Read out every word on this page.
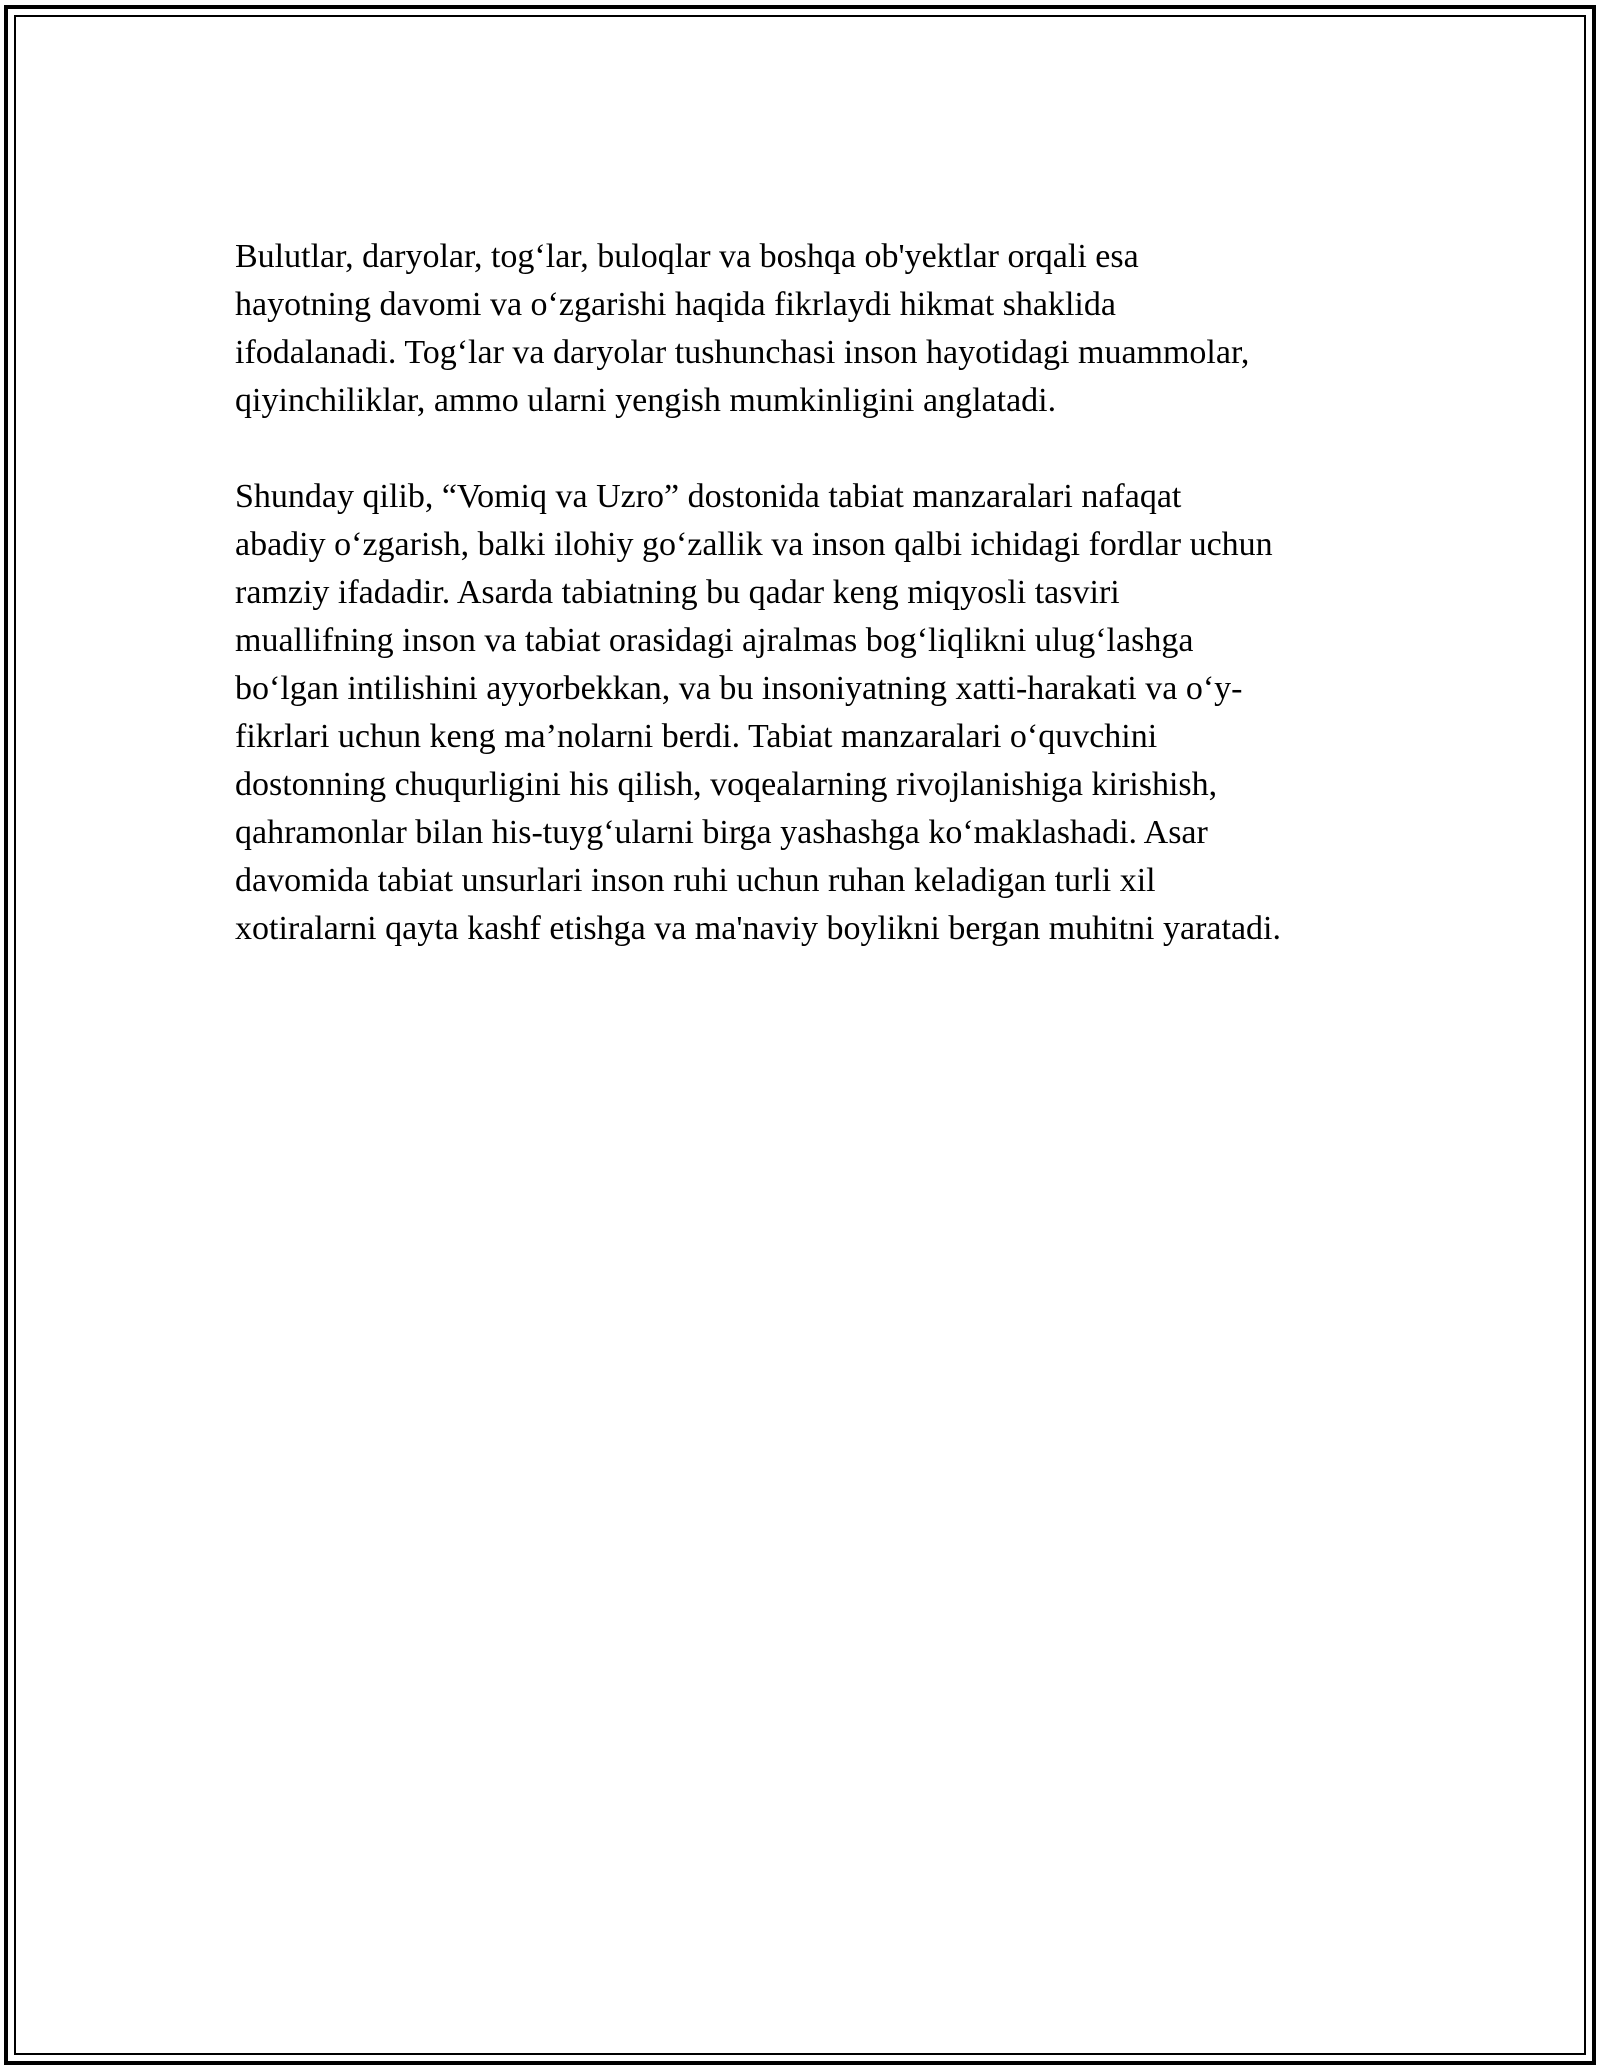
Bulutlar, daryolar, tog‘lar, buloqlar va boshqa ob'yektlar orqali esa
hayotning davomi va o‘zgarishi haqida fikrlaydi hikmat shaklida
ifodalanadi. Tog‘lar va daryolar tushunchasi inson hayotidagi muammolar,
qiyinchiliklar, ammo ularni yengish mumkinligini anglatadi.

Shunday qilib, “Vomiq va Uzro” dostonida tabiat manzaralari nafaqat
abadiy o‘zgarish, balki ilohiy go‘zallik va inson qalbi ichidagi fordlar uchun
ramziy ifadadir. Asarda tabiatning bu qadar keng miqyosli tasviri
muallifning inson va tabiat orasidagi ajralmas bog‘liqlikni ulug‘lashga
bo‘lgan intilishini ayyorbekkan, va bu insoniyatning xatti-harakati va o‘y-
fikrlari uchun keng ma’nolarni berdi. Tabiat manzaralari o‘quvchini
dostonning chuqurligini his qilish, voqealarning rivojlanishiga kirishish,
qahramonlar bilan his-tuyg‘ularni birga yashashga ko‘maklashadi. Asar
davomida tabiat unsurlari inson ruhi uchun ruhan keladigan turli xil
xotiralarni qayta kashf etishga va ma'naviy boylikni bergan muhitni yaratadi.
